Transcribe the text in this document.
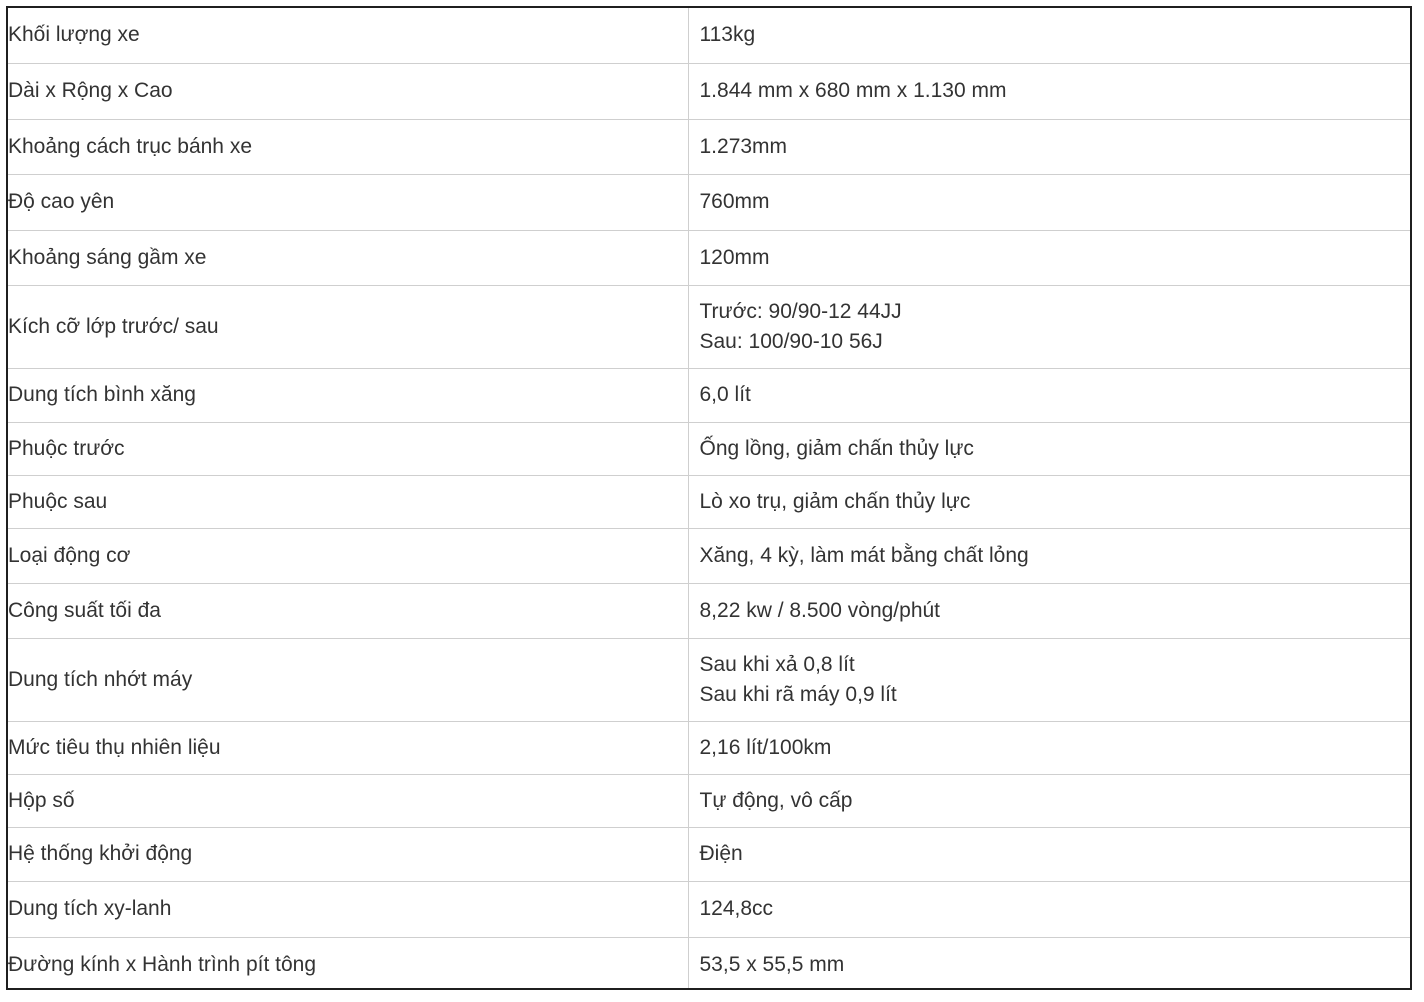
Khối lượng xe	113kg

Dài x Rộng x Cao	1.844 mm x 680 mm x 1.130 mm

Khoảng cách trục bánh xe	1.273mm

Độ cao yên	760mm

Khoảng sáng gầm xe	120mm

Kích cỡ lớp trước/ sau	Trước: 90/90-12 44JJ
Sau: 100/90-10 56J

Dung tích bình xăng	6,0 lít

Phuộc trước	Ống lồng, giảm chấn thủy lực

Phuộc sau	Lò xo trụ, giảm chấn thủy lực

Loại động cơ	Xăng, 4 kỳ, làm mát bằng chất lỏng

Công suất tối đa	8,22 kw / 8.500 vòng/phút

Dung tích nhớt máy	Sau khi xả 0,8 lít
Sau khi rã máy 0,9 lít

Mức tiêu thụ nhiên liệu	2,16 lít/100km

Hộp số	Tự động, vô cấp

Hệ thống khởi động	Điện

Dung tích xy-lanh	124,8cc

Đường kính x Hành trình pít tông	53,5 x 55,5 mm
